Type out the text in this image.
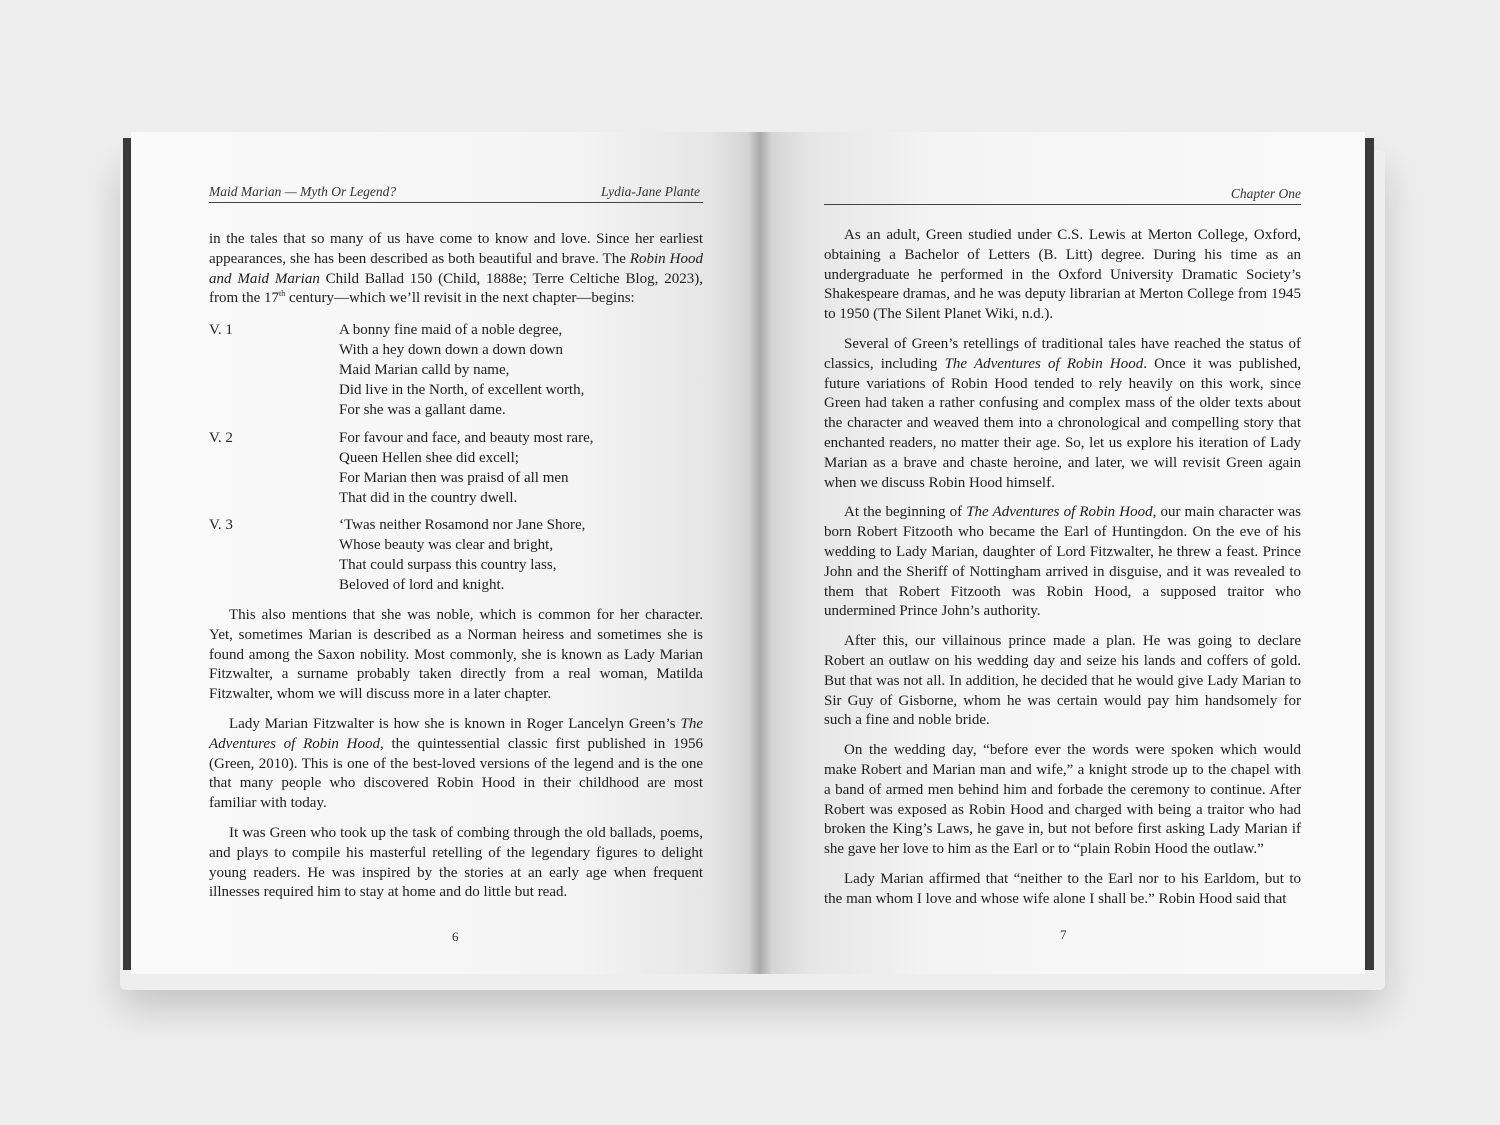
Maid Marian — Myth Or Legend?	Lydia-Jane Plante

in the tales that so many of us have come to know and love. Since her earliest appearances, she has been described as both beautiful and brave. The Robin Hood and Maid Marian Child Ballad 150 (Child, 1888e; Terre Celtiche Blog, 2023), from the 17th century—which we’ll revisit in the next chapter—begins:

V. 1	A bonny fine maid of a noble degree,
With a hey down down a down down
Maid Marian calld by name,
Did live in the North, of excellent worth,
For she was a gallant dame.
V. 2	For favour and face, and beauty most rare,
Queen Hellen shee did excell;
For Marian then was praisd of all men
That did in the country dwell.
V. 3	‘Twas neither Rosamond nor Jane Shore,
Whose beauty was clear and bright,
That could surpass this country lass,
Beloved of lord and knight.

This also mentions that she was noble, which is common for her character. Yet, sometimes Marian is described as a Norman heiress and sometimes she is found among the Saxon nobility. Most commonly, she is known as Lady Marian Fitzwalter, a surname probably taken directly from a real woman, Matilda Fitzwalter, whom we will discuss more in a later chapter.

Lady Marian Fitzwalter is how she is known in Roger Lancelyn Green’s The Adventures of Robin Hood, the quintessential classic first published in 1956 (Green, 2010). This is one of the best-loved versions of the legend and is the one that many people who discovered Robin Hood in their childhood are most familiar with today.

It was Green who took up the task of combing through the old ballads, poems, and plays to compile his masterful retelling of the legendary figures to delight young readers. He was inspired by the stories at an early age when frequent illnesses required him to stay at home and do little but read.

6
Chapter One

As an adult, Green studied under C.S. Lewis at Merton College, Oxford, obtaining a Bachelor of Letters (B. Litt) degree. During his time as an undergraduate he performed in the Oxford University Dramatic Society’s Shakespeare dramas, and he was deputy librarian at Merton College from 1945 to 1950 (The Silent Planet Wiki, n.d.).

Several of Green’s retellings of traditional tales have reached the status of classics, including The Adventures of Robin Hood. Once it was published, future variations of Robin Hood tended to rely heavily on this work, since Green had taken a rather confusing and complex mass of the older texts about the character and weaved them into a chronological and compelling story that enchanted readers, no matter their age. So, let us explore his iteration of Lady Marian as a brave and chaste heroine, and later, we will revisit Green again when we discuss Robin Hood himself.

At the beginning of The Adventures of Robin Hood, our main character was born Robert Fitzooth who became the Earl of Huntingdon. On the eve of his wedding to Lady Marian, daughter of Lord Fitzwalter, he threw a feast. Prince John and the Sheriff of Nottingham arrived in disguise, and it was revealed to them that Robert Fitzooth was Robin Hood, a supposed traitor who undermined Prince John’s authority.

After this, our villainous prince made a plan. He was going to declare Robert an outlaw on his wedding day and seize his lands and coffers of gold. But that was not all. In addition, he decided that he would give Lady Marian to Sir Guy of Gisborne, whom he was certain would pay him handsomely for such a fine and noble bride.

On the wedding day, “before ever the words were spoken which would make Robert and Marian man and wife,” a knight strode up to the chapel with a band of armed men behind him and forbade the ceremony to continue. After Robert was exposed as Robin Hood and charged with being a traitor who had broken the King’s Laws, he gave in, but not before first asking Lady Marian if she gave her love to him as the Earl or to “plain Robin Hood the outlaw.”

Lady Marian affirmed that “neither to the Earl nor to his Earldom, but to the man whom I love and whose wife alone I shall be.” Robin Hood said that

7
